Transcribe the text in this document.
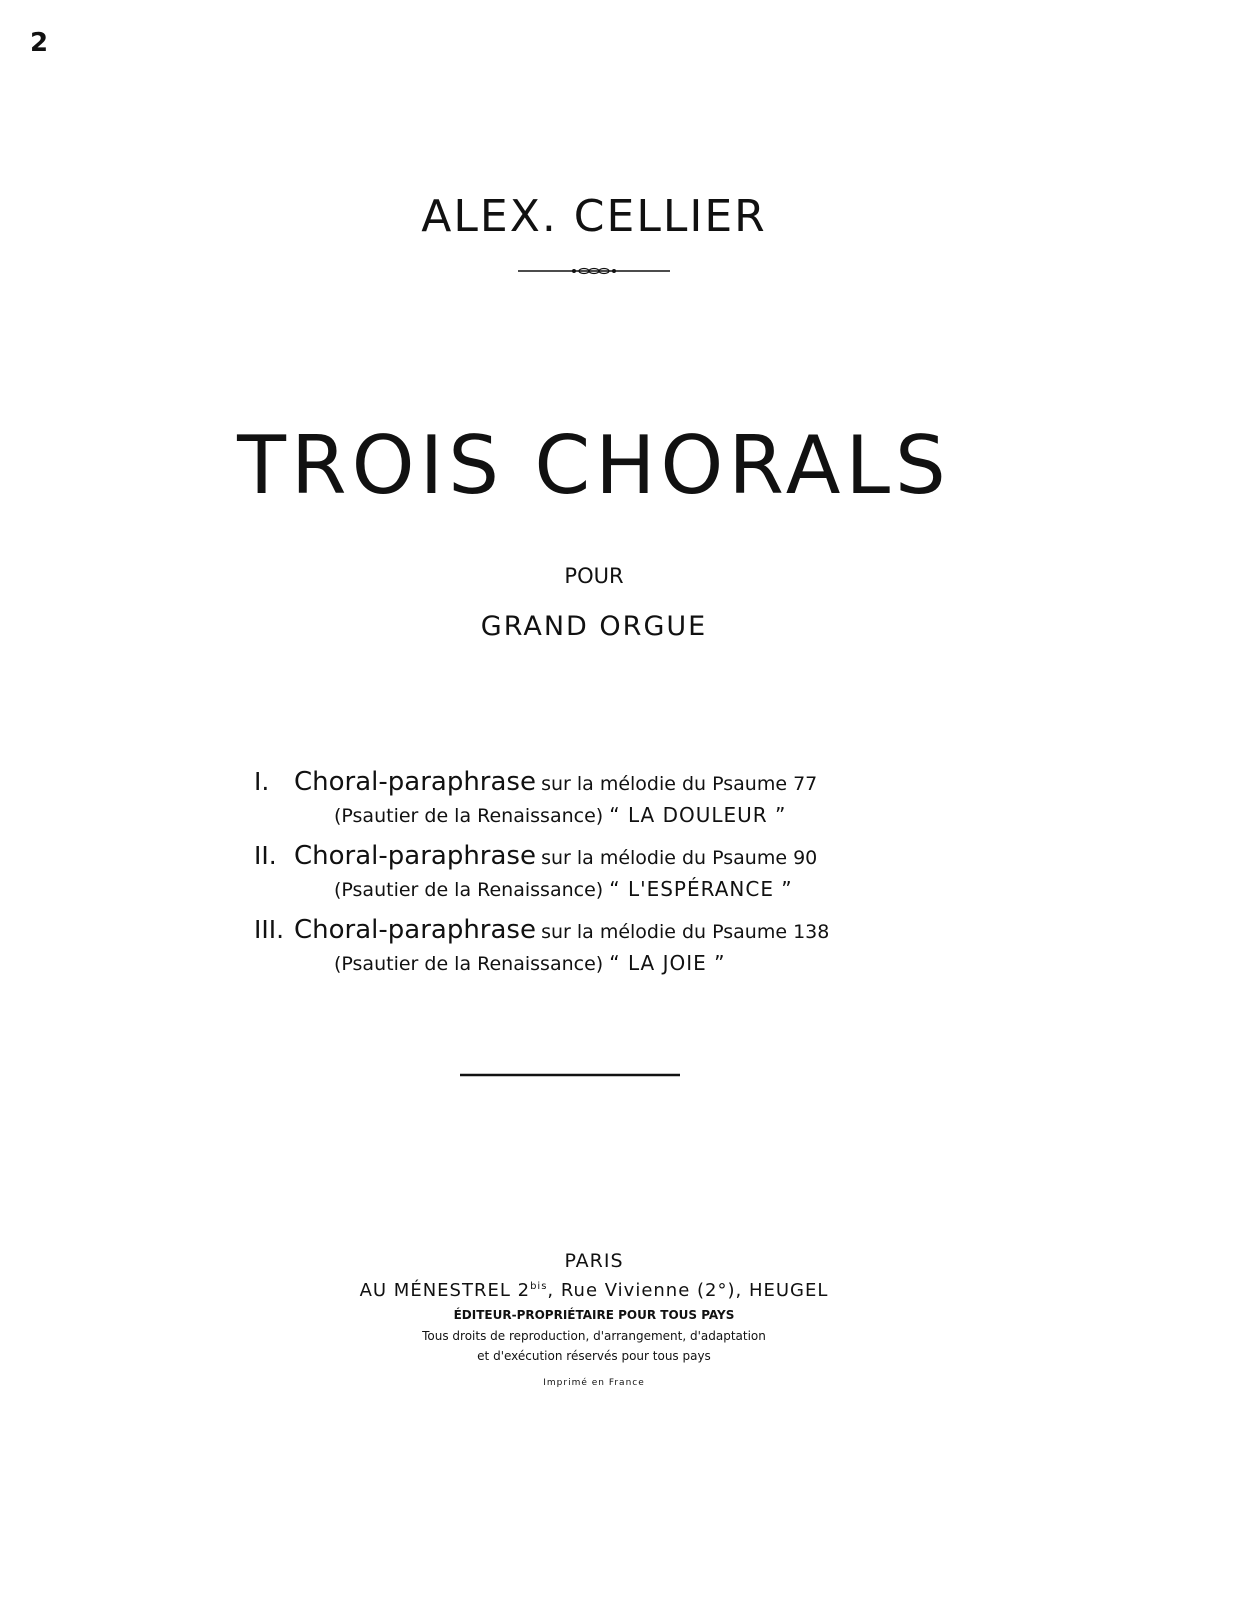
2
ALEX. CELLIER
TROIS CHORALS
POUR
GRAND ORGUE
I. Choral-paraphrase sur la mélodie du Psaume 77
(Psautier de la Renaissance) “ LA DOULEUR ”
II. Choral-paraphrase sur la mélodie du Psaume 90
(Psautier de la Renaissance) “ L'ESPÉRANCE ”
III. Choral-paraphrase sur la mélodie du Psaume 138
(Psautier de la Renaissance) “ LA JOIE ”
PARIS
AU MÉNESTREL $2^{bis}$, Rue Vivienne (2°), HEUGEL
ÉDITEUR-PROPRIÉTAIRE POUR TOUS PAYS
Tous droits de reproduction, d'arrangement, d'adaptation
et d'exécution réservés pour tous pays
Imprimé en France
